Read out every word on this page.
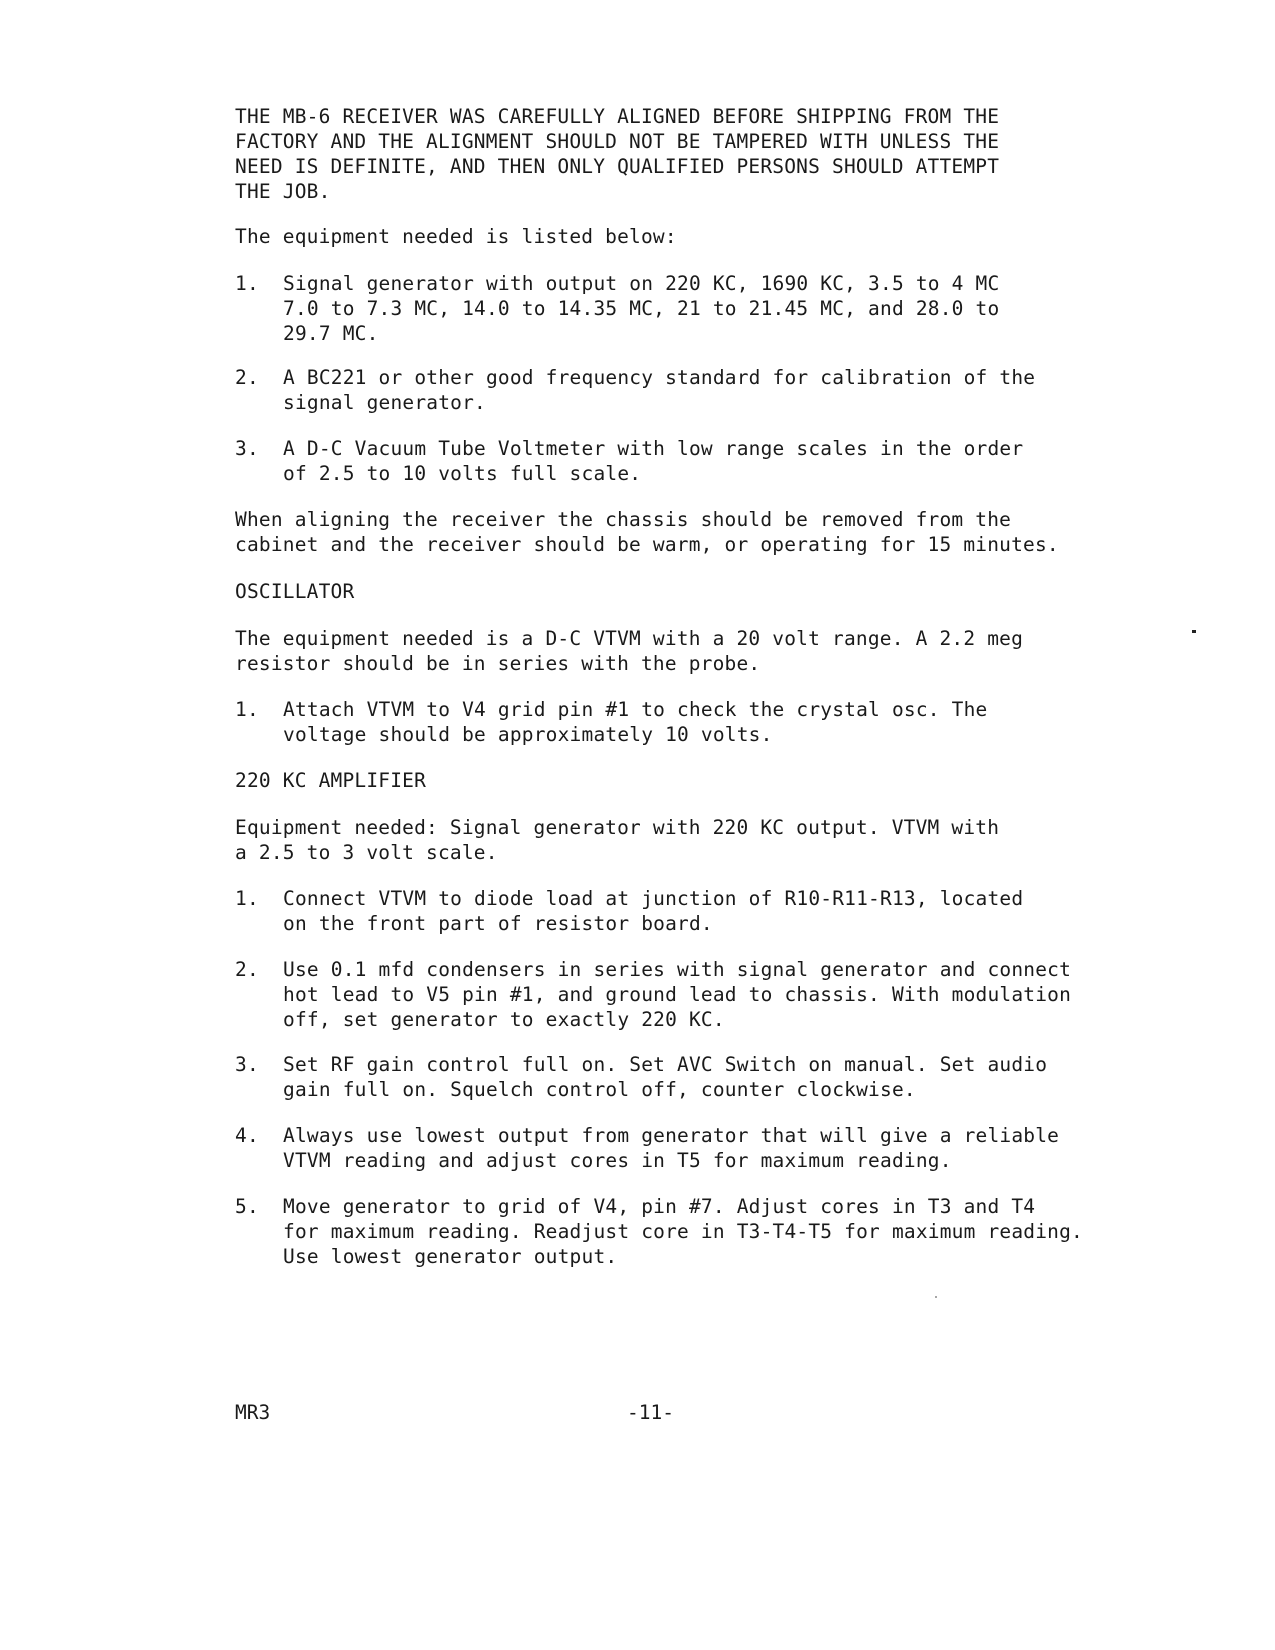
THE MB-6 RECEIVER WAS CAREFULLY ALIGNED BEFORE SHIPPING FROM THE
FACTORY AND THE ALIGNMENT SHOULD NOT BE TAMPERED WITH UNLESS THE
NEED IS DEFINITE, AND THEN ONLY QUALIFIED PERSONS SHOULD ATTEMPT
THE JOB.
The equipment needed is listed below:
1. Signal generator with output on 220 KC, 1690 KC, 3.5 to 4 MC
7.0 to 7.3 MC, 14.0 to 14.35 MC, 21 to 21.45 MC, and 28.0 to
29.7 MC.
2. A BC221 or other good frequency standard for calibration of the
signal generator.
3. A D-C Vacuum Tube Voltmeter with low range scales in the order
of 2.5 to 10 volts full scale.
When aligning the receiver the chassis should be removed from the
cabinet and the receiver should be warm, or operating for 15 minutes.
OSCILLATOR
The equipment needed is a D-C VTVM with a 20 volt range. A 2.2 meg
resistor should be in series with the probe.
1. Attach VTVM to V4 grid pin #1 to check the crystal osc. The
voltage should be approximately 10 volts.
220 KC AMPLIFIER
Equipment needed: Signal generator with 220 KC output. VTVM with
a 2.5 to 3 volt scale.
1. Connect VTVM to diode load at junction of R10-R11-R13, located
on the front part of resistor board.
2. Use 0.1 mfd condensers in series with signal generator and connect
hot lead to V5 pin #1, and ground lead to chassis. With modulation
off, set generator to exactly 220 KC.
3. Set RF gain control full on. Set AVC Switch on manual. Set audio
gain full on. Squelch control off, counter clockwise.
4. Always use lowest output from generator that will give a reliable
VTVM reading and adjust cores in T5 for maximum reading.
5. Move generator to grid of V4, pin #7. Adjust cores in T3 and T4
for maximum reading. Readjust core in T3-T4-T5 for maximum reading.
Use lowest generator output.
MR3	-11-
